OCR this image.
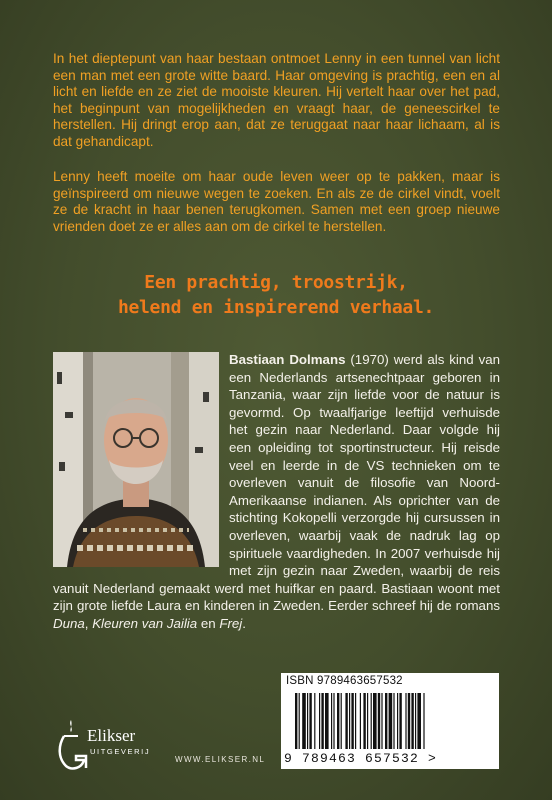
In het dieptepunt van haar bestaan ontmoet Lenny in een tunnel van licht een man met een grote witte baard. Haar omgeving is prachtig, een en al licht en liefde en ze ziet de mooiste kleuren. Hij vertelt haar over het pad, het beginpunt van mogelijkheden en vraagt haar, de geneescirkel te herstellen. Hij dringt erop aan, dat ze teruggaat naar haar lichaam, al is dat gehandicapt.

Lenny heeft moeite om haar oude leven weer op te pakken, maar is geïnspireerd om nieuwe wegen te zoeken. En als ze de cirkel vindt, voelt ze de kracht in haar benen terugkomen. Samen met een groep nieuwe vrienden doet ze er alles aan om de cirkel te herstellen.

Een prachtig, troostrijk,
helend en inspirerend verhaal.

Bastiaan Dolmans (1970) werd als kind van een Nederlands artsenechtpaar geboren in Tanzania, waar zijn liefde voor de natuur is gevormd. Op twaalfjarige leeftijd verhuisde het gezin naar Nederland. Daar volgde hij een opleiding tot sportinstructeur. Hij reisde veel en leerde in de VS technieken om te overleven vanuit de filosofie van Noord-Amerikaanse indianen. Als oprichter van de stichting Kokopelli verzorgde hij cursussen in overleven, waarbij vaak de nadruk lag op spirituele vaardigheden. In 2007 verhuisde hij met zijn gezin naar Zweden, waarbij de reis vanuit Nederland gemaakt werd met huifkar en paard. Bastiaan woont met zijn grote liefde Laura en kinderen in Zweden. Eerder schreef hij de romans Duna, Kleuren van Jailia en Frej.

ISBN 9789463657532

9 789463 657532 >

Elikser

UITGEVERIJ

WWW.ELIKSER.NL
